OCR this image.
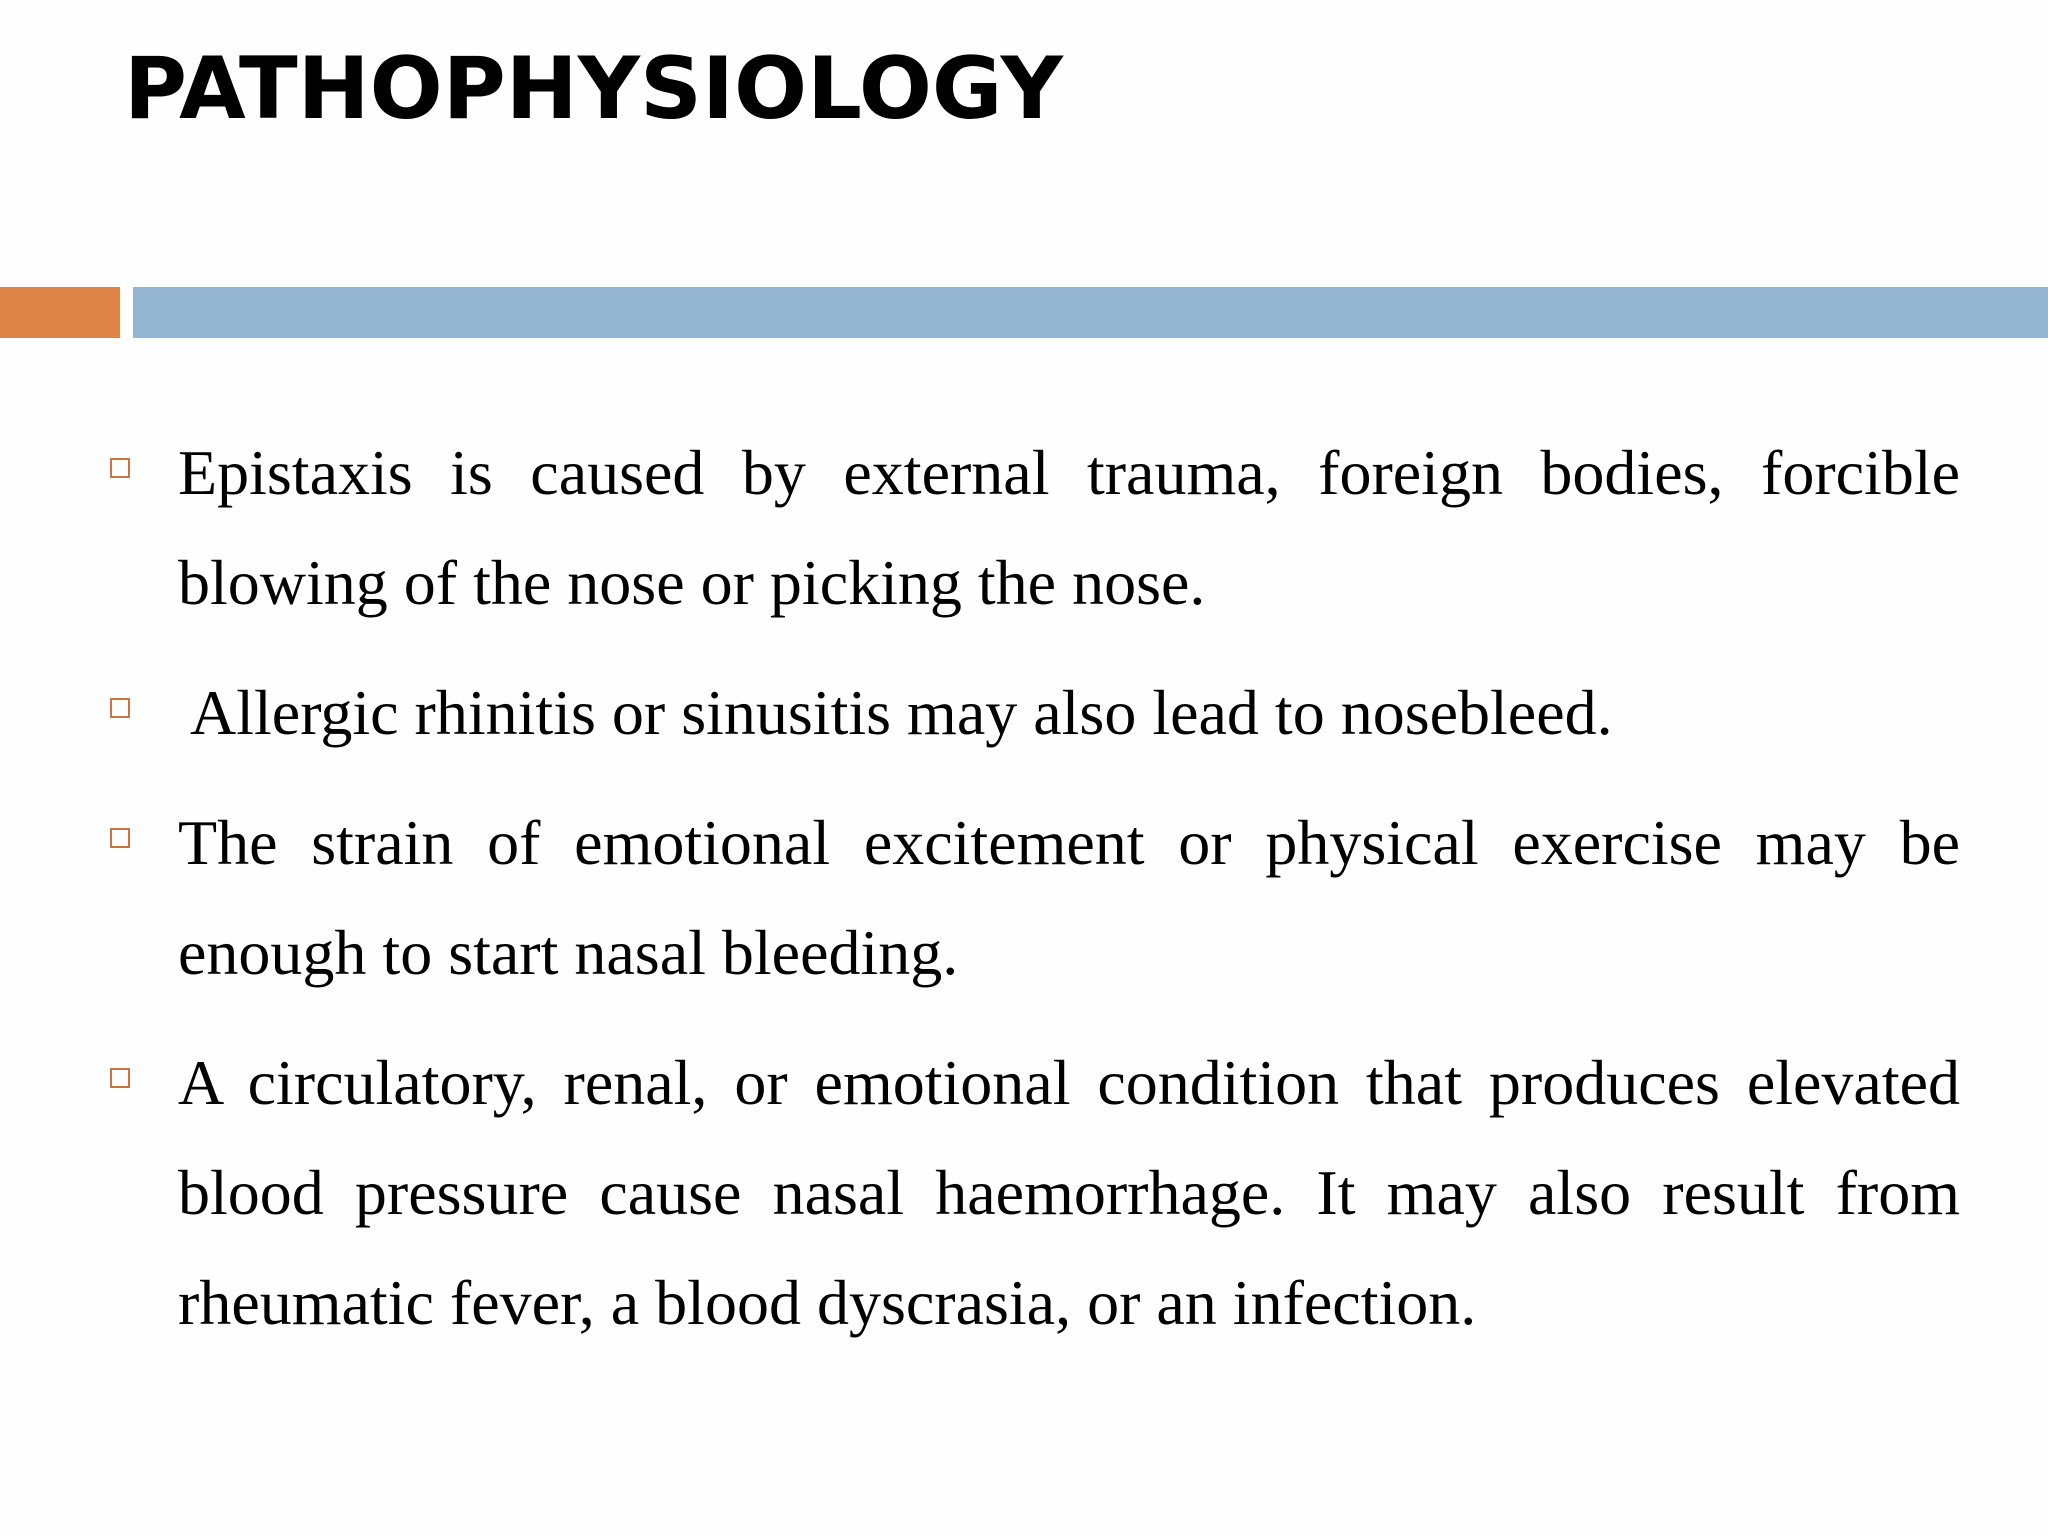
PATHOPHYSIOLOGY
Epistaxis is caused by external trauma, foreign bodies, forcible blowing of the nose or picking the nose.
Allergic rhinitis or sinusitis may also lead to nosebleed.
The strain of emotional excitement or physical exercise may be enough to start nasal bleeding.
A circulatory, renal, or emotional condition that produces elevated blood pressure cause nasal haemorrhage. It may also result from rheumatic fever, a blood dyscrasia, or an infection.
